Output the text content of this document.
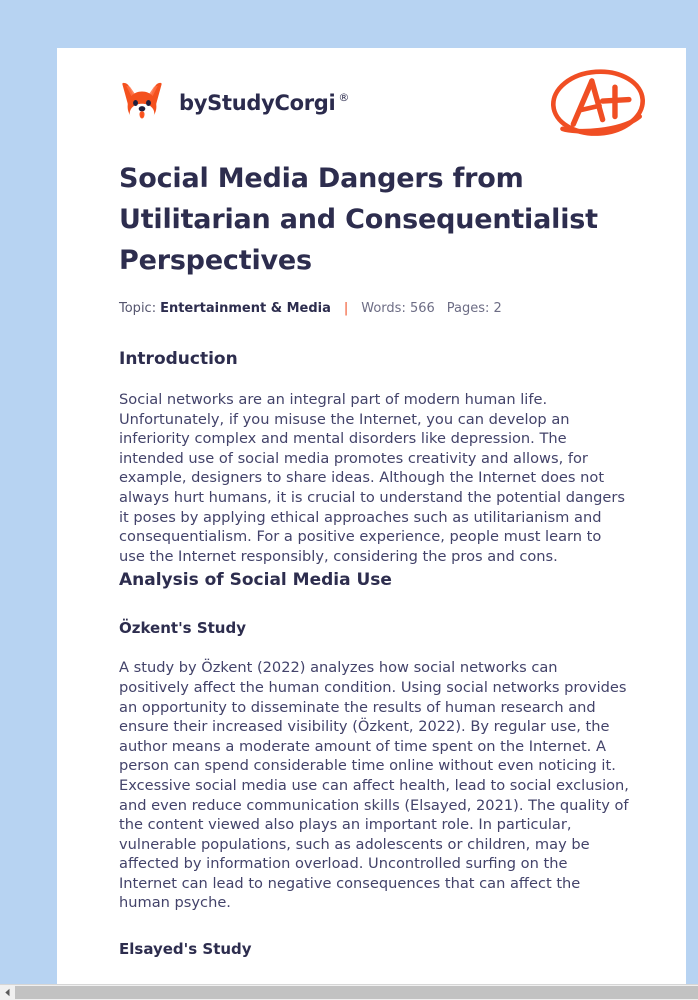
by StudyCorgi ®
Social Media Dangers from Utilitarian and Consequentialist Perspectives
Topic: Entertainment & Media | Words: 566 Pages: 2
Introduction

Social networks are an integral part of modern human life. Unfortunately, if you misuse the Internet, you can develop an inferiority complex and mental disorders like depression. The intended use of social media promotes creativity and allows, for example, designers to share ideas. Although the Internet does not always hurt humans, it is crucial to understand the potential dangers it poses by applying ethical approaches such as utilitarianism and consequentialism. For a positive experience, people must learn to use the Internet responsibly, considering the pros and cons.

Analysis of Social Media Use
Özkent's Study

A study by Özkent (2022) analyzes how social networks can positively affect the human condition. Using social networks provides an opportunity to disseminate the results of human research and ensure their increased visibility (Özkent, 2022). By regular use, the author means a moderate amount of time spent on the Internet. A person can spend considerable time online without even noticing it. Excessive social media use can affect health, lead to social exclusion, and even reduce communication skills (Elsayed, 2021). The quality of the content viewed also plays an important role. In particular, vulnerable populations, such as adolescents or children, may be affected by information overload. Uncontrolled surfing on the Internet can lead to negative consequences that can affect the human psyche.

Elsayed's Study
